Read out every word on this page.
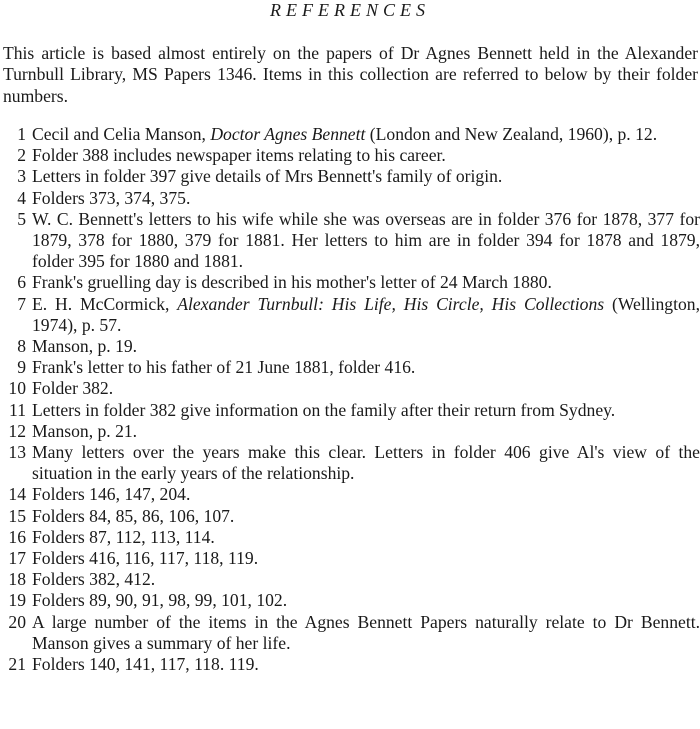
REFERENCES
This article is based almost entirely on the papers of Dr Agnes Bennett held in the Alexander Turnbull Library, MS Papers 1346. Items in this collection are referred to below by their folder numbers.
1 Cecil and Celia Manson, Doctor Agnes Bennett (London and New Zealand, 1960), p. 12.
2 Folder 388 includes newspaper items relating to his career.
3 Letters in folder 397 give details of Mrs Bennett's family of origin.
4 Folders 373, 374, 375.
5 W. C. Bennett's letters to his wife while she was overseas are in folder 376 for 1878, 377 for 1879, 378 for 1880, 379 for 1881. Her letters to him are in folder 394 for 1878 and 1879, folder 395 for 1880 and 1881.
6 Frank's gruelling day is described in his mother's letter of 24 March 1880.
7 E. H. McCormick, Alexander Turnbull: His Life, His Circle, His Collections (Wellington, 1974), p. 57.
8 Manson, p. 19.
9 Frank's letter to his father of 21 June 1881, folder 416.
10 Folder 382.
11 Letters in folder 382 give information on the family after their return from Sydney.
12 Manson, p. 21.
13 Many letters over the years make this clear. Letters in folder 406 give Al's view of the situation in the early years of the relationship.
14 Folders 146, 147, 204.
15 Folders 84, 85, 86, 106, 107.
16 Folders 87, 112, 113, 114.
17 Folders 416, 116, 117, 118, 119.
18 Folders 382, 412.
19 Folders 89, 90, 91, 98, 99, 101, 102.
20 A large number of the items in the Agnes Bennett Papers naturally relate to Dr Bennett. Manson gives a summary of her life.
21 Folders 140, 141, 117, 118. 119.
